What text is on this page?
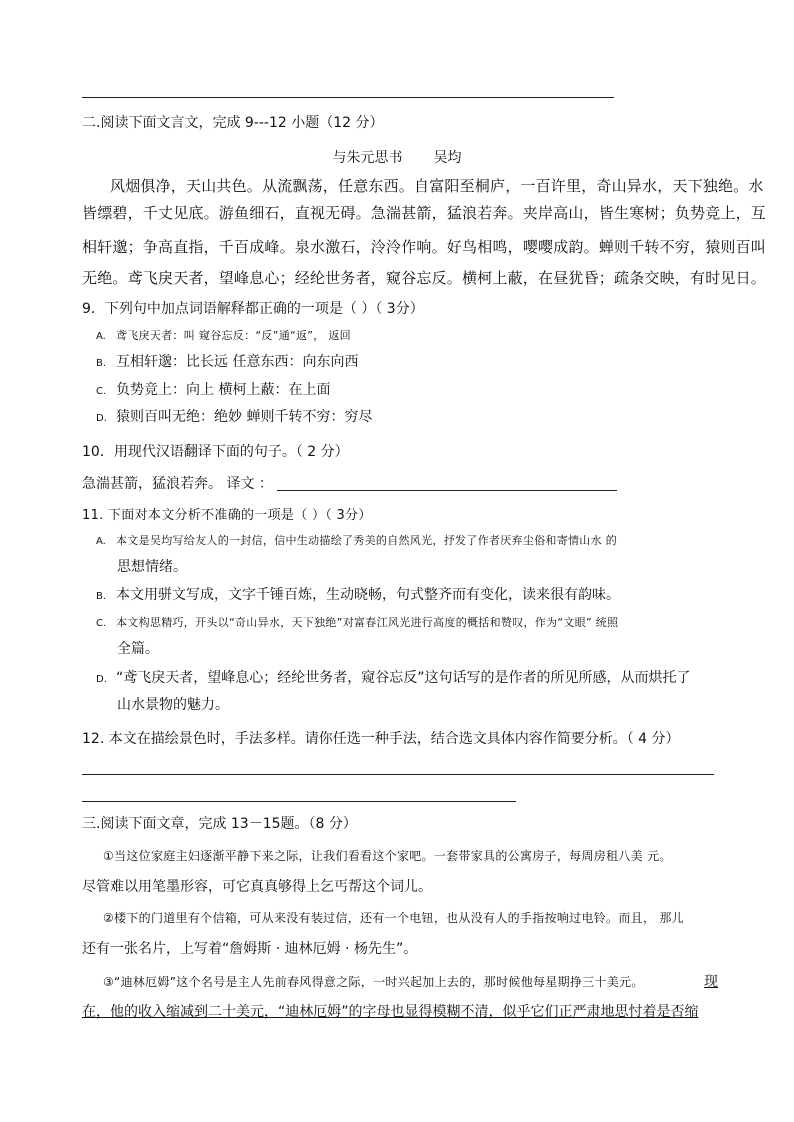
二.阅读下面文言文，完成 9---12 小题（12 分）
与朱元思书 吴均
风烟俱净，天山共色。从流飘荡，任意东西。自富阳至桐庐，一百许里，奇山异水，天下独绝。水
皆缥碧，千丈见底。游鱼细石，直视无碍。急湍甚箭，猛浪若奔。夹岸高山，皆生寒树；负势竞上，互
相轩邈；争高直指，千百成峰。泉水激石，泠泠作响。好鸟相鸣，嘤嘤成韵。蝉则千转不穷，猿则百叫
无绝。鸢飞戾天者，望峰息心；经纶世务者，窥谷忘反。横柯上蔽，在昼犹昏；疏条交映，有时见日。
9．下列句中加点词语解释都正确的一项是（ ）（ 3分）
A. 鸢飞戾天者：叫 窥谷忘反：“反”通“返”， 返回
B. 互相轩邈：比长远 任意东西：向东向西
C. 负势竞上：向上 横柯上蔽：在上面
D. 猿则百叫无绝：绝妙 蝉则千转不穷：穷尽
10．用现代汉语翻译下面的句子。（ 2 分）
急湍甚箭，猛浪若奔。 译文 ：
11. 下面对本文分析不准确的一项是（ ）（ 3分）
A. 本文是吴均写给友人的一封信，信中生动描绘了秀美的自然风光，抒发了作者厌弃尘俗和寄情山水 的
思想情绪。
B. 本文用骈文写成，文字千锤百炼，生动晓畅，句式整齐而有变化，读来很有韵味。
C. 本文构思精巧，开头以“奇山异水，天下独绝”对富春江风光进行高度的概括和赞叹，作为“文眼” 统照
全篇。
D. “鸢飞戾天者，望峰息心；经纶世务者，窥谷忘反”这句话写的是作者的所见所感，从而烘托了
山水景物的魅力。
12. 本文在描绘景色时，手法多样。请你任选一种手法，结合选文具体内容作简要分析。（ 4 分）
三.阅读下面文章，完成 13－15题。（8 分）
①当这位家庭主妇逐渐平静下来之际，让我们看看这个家吧。一套带家具的公寓房子，每周房租八美 元。
尽管难以用笔墨形容，可它真真够得上乞丐帮这个词儿。
②楼下的门道里有个信箱，可从来没有装过信，还有一个电钮，也从没有人的手指按响过电铃。而且， 那儿
还有一张名片，上写着“詹姆斯 · 迪林厄姆 · 杨先生”。
③“迪林厄姆”这个名号是主人先前春风得意之际，一时兴起加上去的，那时候他每星期挣三十美元。	现
在，他的收入缩减到二十美元，“迪林厄姆”的字母也显得模糊不清，似乎它们正严肃地思忖着是否缩
